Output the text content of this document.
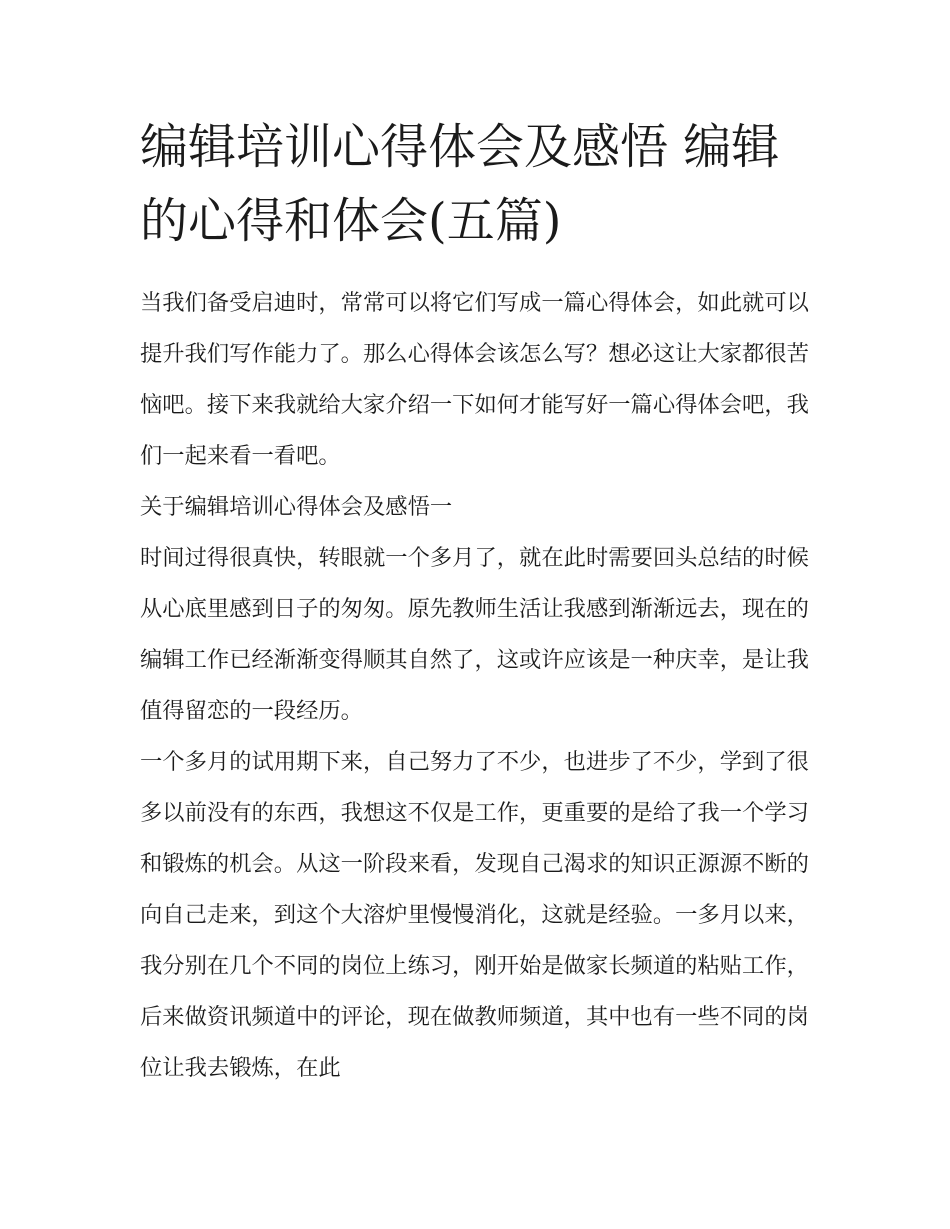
编辑培训心得体会及感悟 编辑的心得和体会(五篇)

当我们备受启迪时，常常可以将它们写成一篇心得体会，如此就可以提升我们写作能力了。那么心得体会该怎么写？想必这让大家都很苦恼吧。接下来我就给大家介绍一下如何才能写好一篇心得体会吧，我们一起来看一看吧。

关于编辑培训心得体会及感悟一

时间过得很真快，转眼就一个多月了，就在此时需要回头总结的时候从心底里感到日子的匆匆。原先教师生活让我感到渐渐远去，现在的编辑工作已经渐渐变得顺其自然了，这或许应该是一种庆幸，是让我值得留恋的一段经历。

一个多月的试用期下来，自己努力了不少，也进步了不少，学到了很多以前没有的东西，我想这不仅是工作，更重要的是给了我一个学习和锻炼的机会。从这一阶段来看，发现自己渴求的知识正源源不断的向自己走来，到这个大溶炉里慢慢消化，这就是经验。一多月以来，我分别在几个不同的岗位上练习，刚开始是做家长频道的粘贴工作，后来做资讯频道中的评论，现在做教师频道，其中也有一些不同的岗位让我去锻炼，在此
